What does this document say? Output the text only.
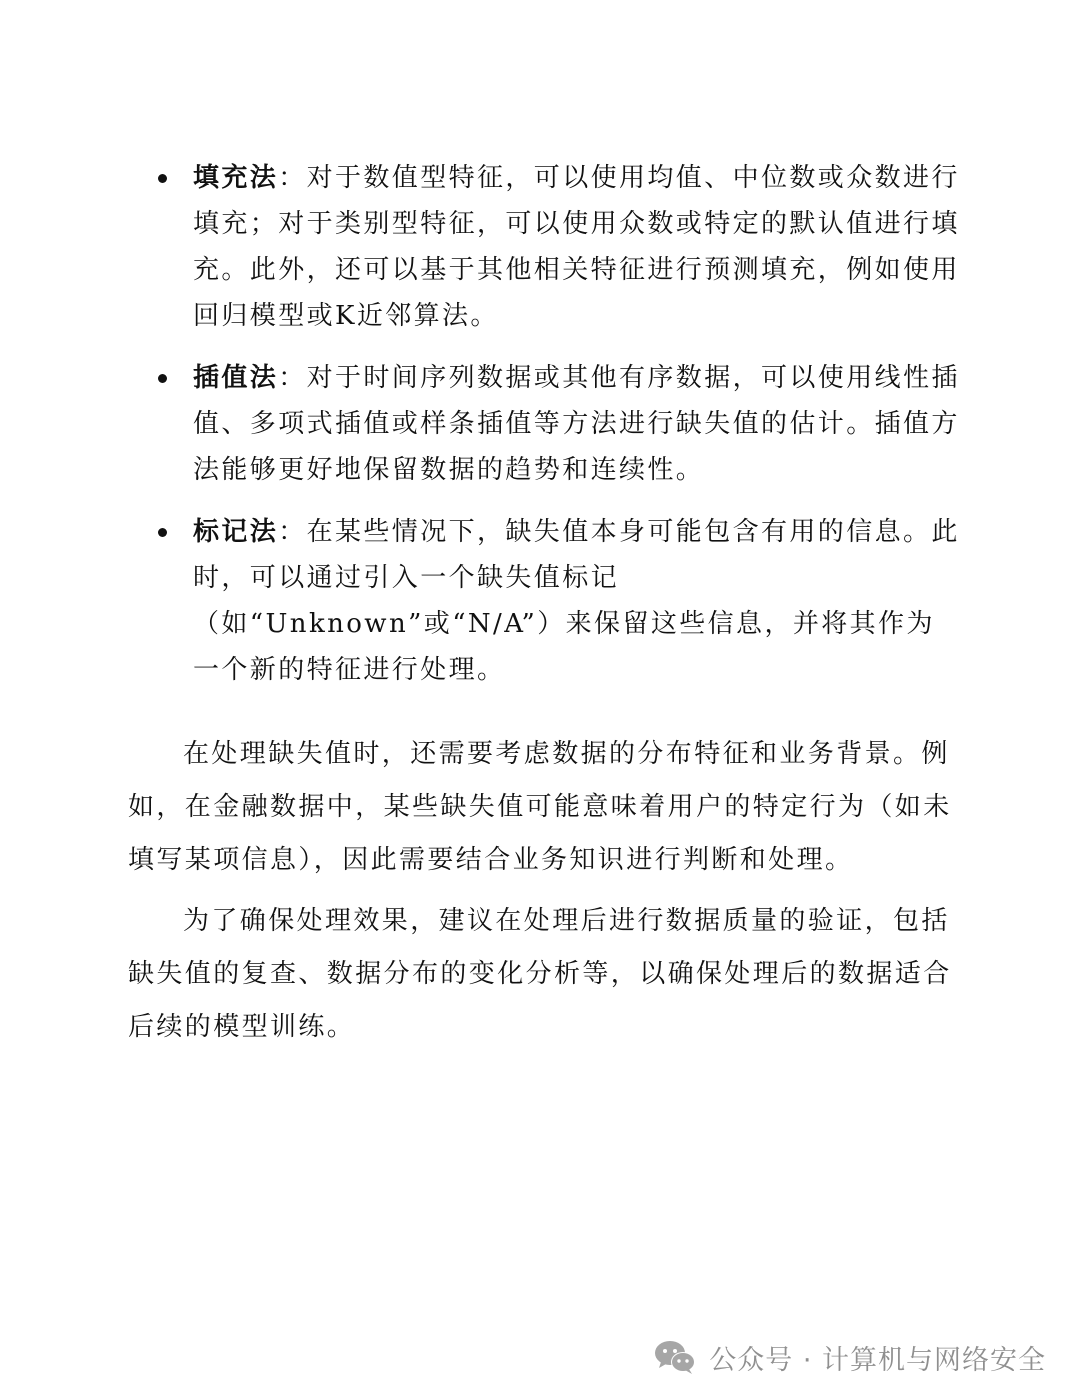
填充法：对于数值型特征，可以使用均值、中位数或众数进行填充；对于类别型特征，可以使用众数或特定的默认值进行填充。此外，还可以基于其他相关特征进行预测填充，例如使用回归模型或K近邻算法。
插值法：对于时间序列数据或其他有序数据，可以使用线性插值、多项式插值或样条插值等方法进行缺失值的估计。插值方法能够更好地保留数据的趋势和连续性。
标记法：在某些情况下，缺失值本身可能包含有用的信息。此时，可以通过引入一个缺失值标记（如“Unknown”或“N/A”）来保留这些信息，并将其作为一个新的特征进行处理。

在处理缺失值时，还需要考虑数据的分布特征和业务背景。例如，在金融数据中，某些缺失值可能意味着用户的特定行为（如未填写某项信息），因此需要结合业务知识进行判断和处理。

为了确保处理效果，建议在处理后进行数据质量的验证，包括缺失值的复查、数据分布的变化分析等，以确保处理后的数据适合后续的模型训练。

公众号 · 计算机与网络安全
